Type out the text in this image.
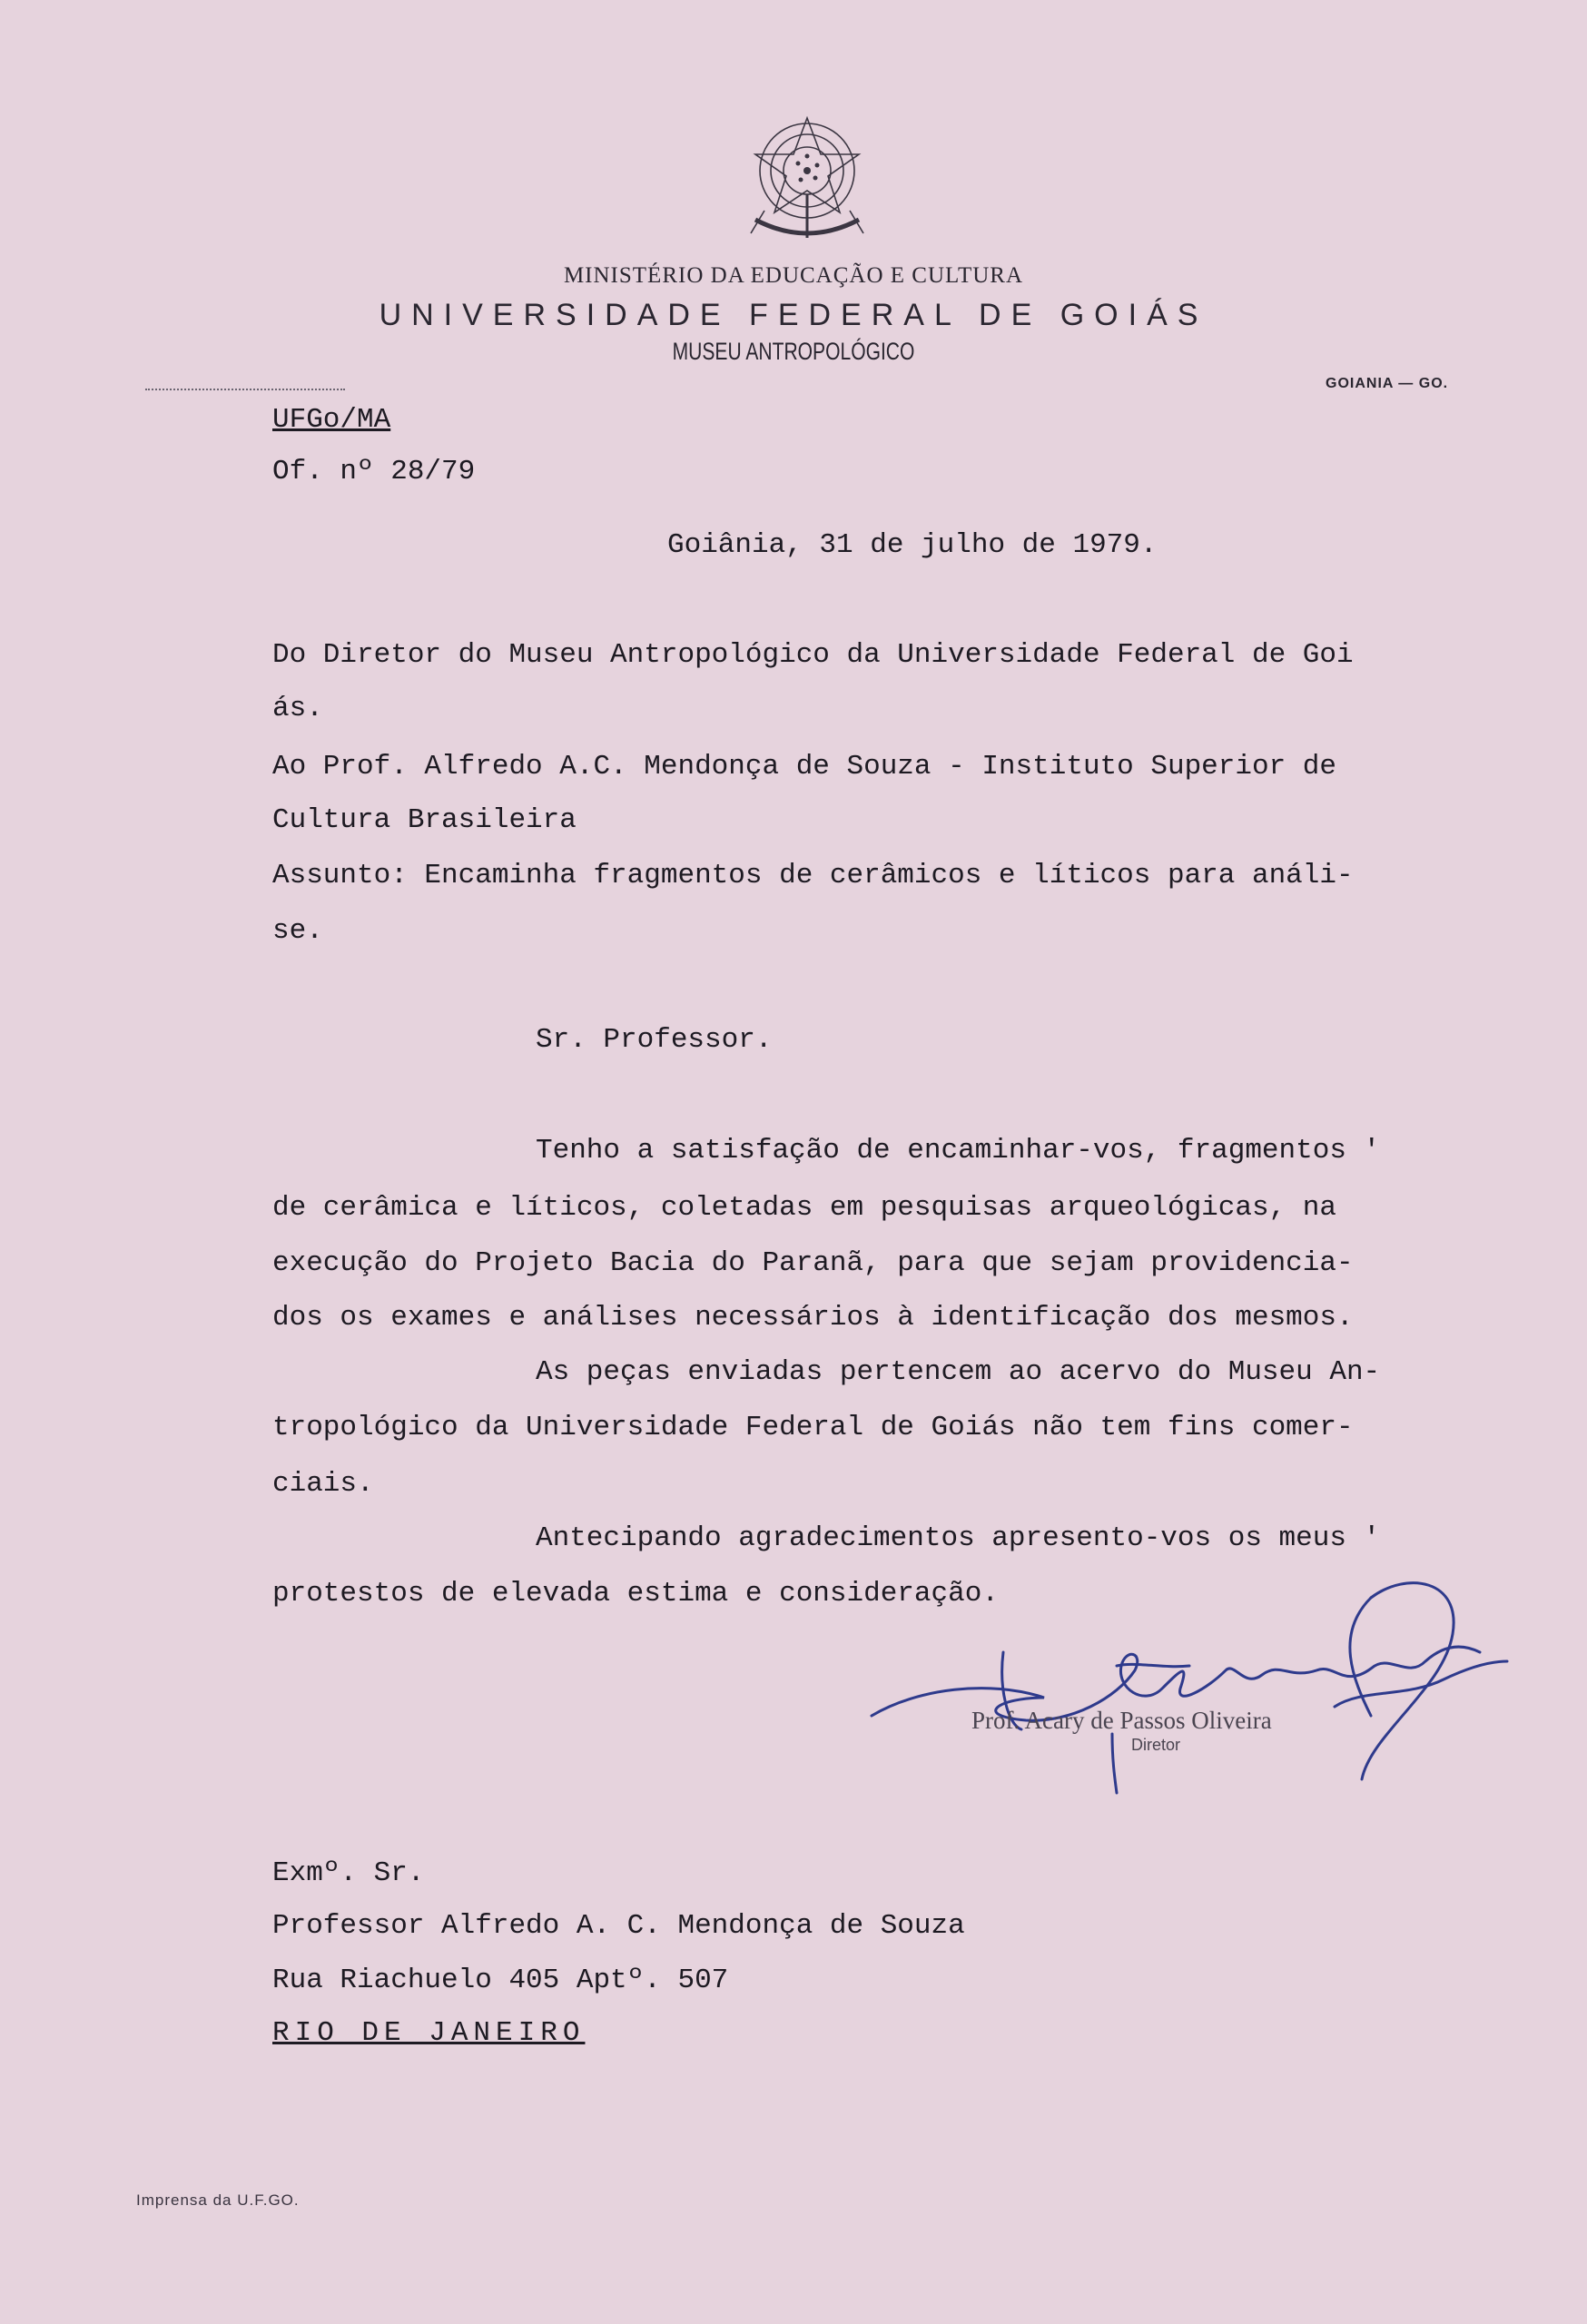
MINISTÉRIO DA EDUCAÇÃO E CULTURA
UNIVERSIDADE FEDERAL DE GOIÁS
MUSEU ANTROPOLÓGICO
GOIANIA — GO.
UFGo/MA
Of. nº 28/79
Goiânia, 31 de julho de 1979.
Do Diretor do Museu Antropológico da Universidade Federal de Goi
ás.
Ao Prof. Alfredo A.C. Mendonça de Souza - Instituto Superior de
Cultura Brasileira
Assunto: Encaminha fragmentos de cerâmicos e líticos para análi-
se.
Sr. Professor.
Tenho a satisfação de encaminhar-vos, fragmentos '
de cerâmica e líticos, coletadas em pesquisas arqueológicas, na
execução do Projeto Bacia do Paranã, para que sejam providencia-
dos os exames e análises necessários à identificação dos mesmos.
As peças enviadas pertencem ao acervo do Museu An-
tropológico da Universidade Federal de Goiás não tem fins comer-
ciais.
Antecipando agradecimentos apresento-vos os meus '
protestos de elevada estima e consideração.
Prof. Acary de Passos Oliveira
Diretor
Exmº. Sr.
Professor Alfredo A. C. Mendonça de Souza
Rua Riachuelo 405 Aptº. 507
RIO DE JANEIRO
Imprensa da U.F.GO.
